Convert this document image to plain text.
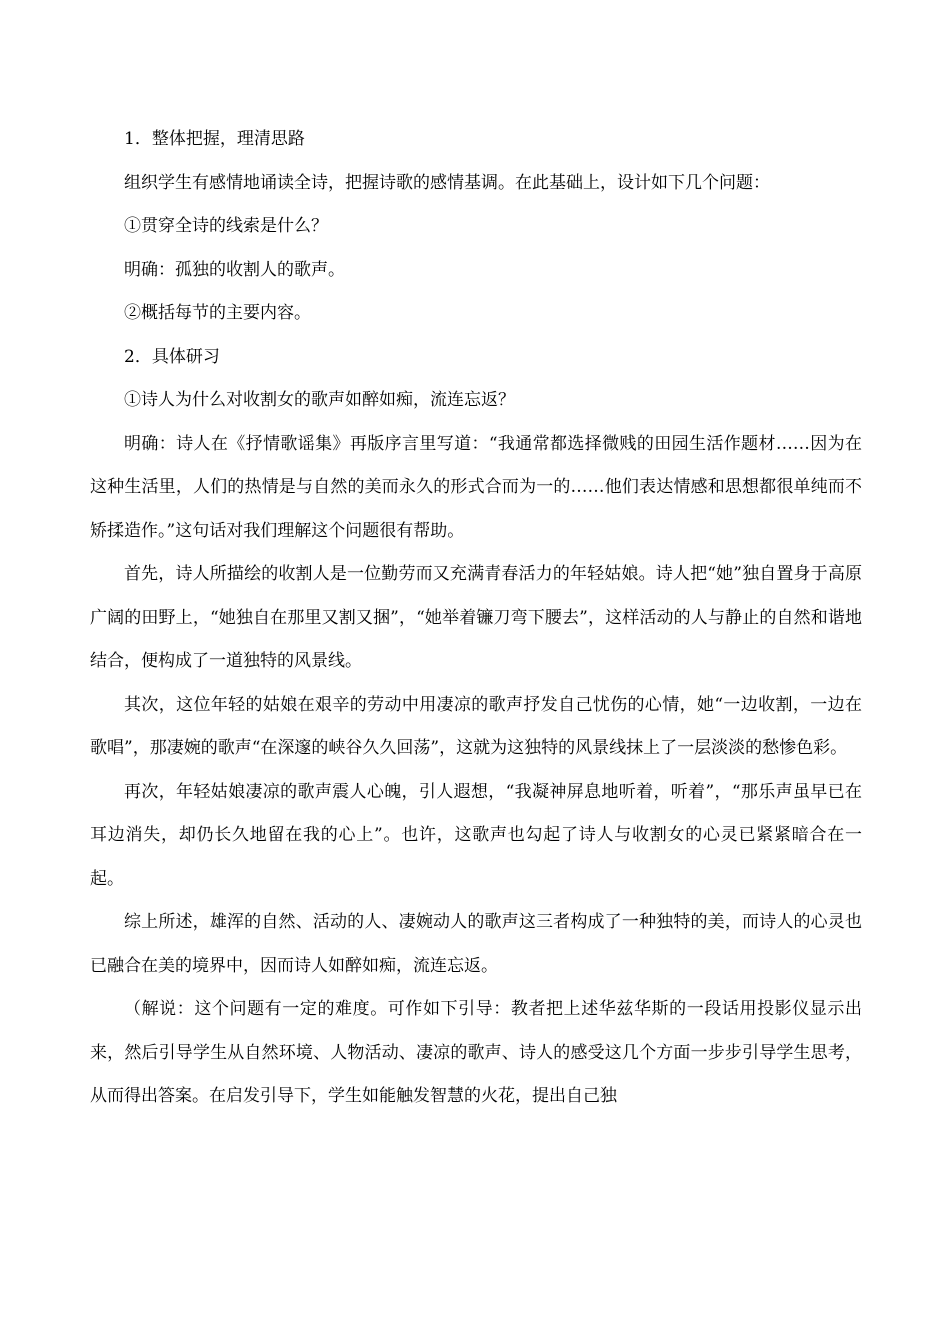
1．整体把握，理清思路

组织学生有感情地诵读全诗，把握诗歌的感情基调。在此基础上，设计如下几个问题：

①贯穿全诗的线索是什么？

明确：孤独的收割人的歌声。

②概括每节的主要内容。

2．具体研习

①诗人为什么对收割女的歌声如醉如痴，流连忘返？

明确：诗人在《抒情歌谣集》再版序言里写道：“我通常都选择微贱的田园生活作题材……因为在这种生活里，人们的热情是与自然的美而永久的形式合而为一的……他们表达情感和思想都很单纯而不矫揉造作。”这句话对我们理解这个问题很有帮助。

首先，诗人所描绘的收割人是一位勤劳而又充满青春活力的年轻姑娘。诗人把“她”独自置身于高原广阔的田野上，“她独自在那里又割又捆”，“她举着镰刀弯下腰去”，这样活动的人与静止的自然和谐地结合，便构成了一道独特的风景线。

其次，这位年轻的姑娘在艰辛的劳动中用凄凉的歌声抒发自己忧伤的心情，她“一边收割，一边在歌唱”，那凄婉的歌声“在深邃的峡谷久久回荡”，这就为这独特的风景线抹上了一层淡淡的愁惨色彩。

再次，年轻姑娘凄凉的歌声震人心魄，引人遐想，“我凝神屏息地听着，听着”，“那乐声虽早已在耳边消失，却仍长久地留在我的心上”。也许，这歌声也勾起了诗人与收割女的心灵已紧紧暗合在一起。

综上所述，雄浑的自然、活动的人、凄婉动人的歌声这三者构成了一种独特的美，而诗人的心灵也已融合在美的境界中，因而诗人如醉如痴，流连忘返。

（解说：这个问题有一定的难度。可作如下引导：教者把上述华兹华斯的一段话用投影仪显示出来，然后引导学生从自然环境、人物活动、凄凉的歌声、诗人的感受这几个方面一步步引导学生思考，从而得出答案。在启发引导下，学生如能触发智慧的火花，提出自己独
